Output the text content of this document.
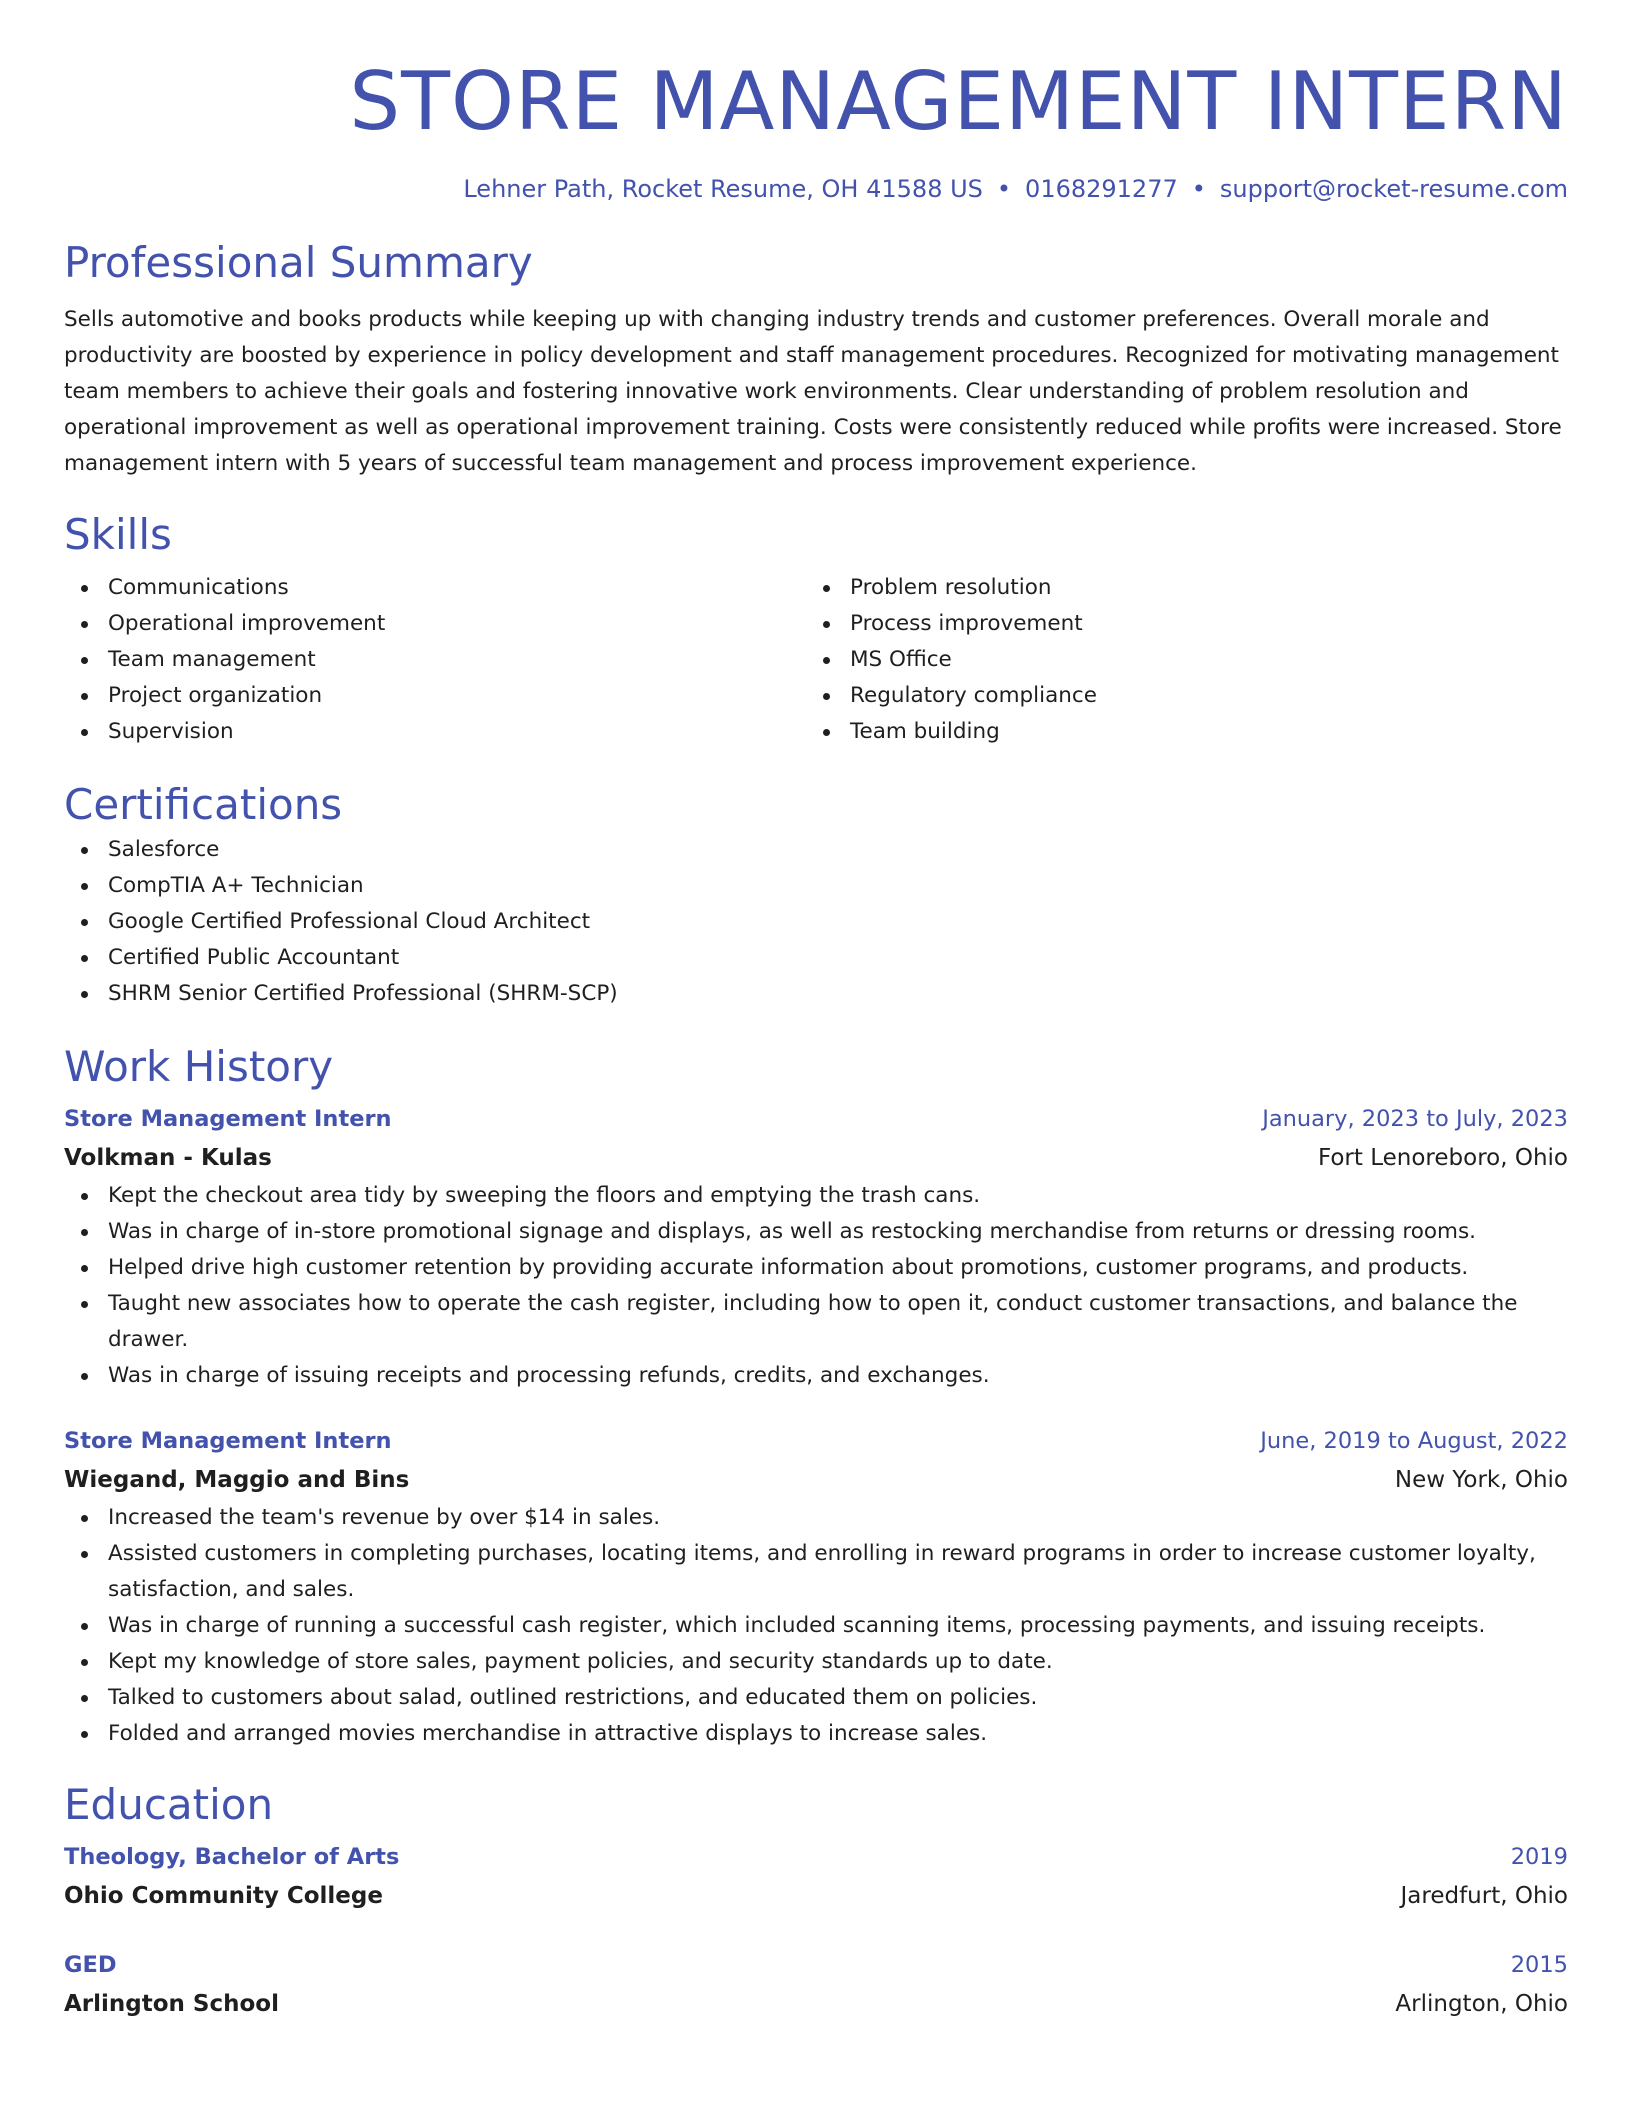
STORE MANAGEMENT INTERN
Lehner Path, Rocket Resume, OH 41588 US • 0168291277 • support@rocket-resume.com
Professional Summary
Sells automotive and books products while keeping up with changing industry trends and customer preferences. Overall morale and productivity are boosted by experience in policy development and staff management procedures. Recognized for motivating management team members to achieve their goals and fostering innovative work environments. Clear understanding of problem resolution and operational improvement as well as operational improvement training. Costs were consistently reduced while profits were increased. Store management intern with 5 years of successful team management and process improvement experience.
Skills
Communications
Operational improvement
Team management
Project organization
Supervision
Problem resolution
Process improvement
MS Office
Regulatory compliance
Team building
Certifications
Salesforce
CompTIA A+ Technician
Google Certified Professional Cloud Architect
Certified Public Accountant
SHRM Senior Certified Professional (SHRM-SCP)
Work History
Store Management Intern	January, 2023 to July, 2023
Volkman - Kulas	Fort Lenoreboro, Ohio
Kept the checkout area tidy by sweeping the floors and emptying the trash cans.
Was in charge of in-store promotional signage and displays, as well as restocking merchandise from returns or dressing rooms.
Helped drive high customer retention by providing accurate information about promotions, customer programs, and products.
Taught new associates how to operate the cash register, including how to open it, conduct customer transactions, and balance the drawer.
Was in charge of issuing receipts and processing refunds, credits, and exchanges.
Store Management Intern	June, 2019 to August, 2022
Wiegand, Maggio and Bins	New York, Ohio
Increased the team's revenue by over $14 in sales.
Assisted customers in completing purchases, locating items, and enrolling in reward programs in order to increase customer loyalty, satisfaction, and sales.
Was in charge of running a successful cash register, which included scanning items, processing payments, and issuing receipts.
Kept my knowledge of store sales, payment policies, and security standards up to date.
Talked to customers about salad, outlined restrictions, and educated them on policies.
Folded and arranged movies merchandise in attractive displays to increase sales.
Education
Theology, Bachelor of Arts	2019
Ohio Community College	Jaredfurt, Ohio
GED	2015
Arlington School	Arlington, Ohio
